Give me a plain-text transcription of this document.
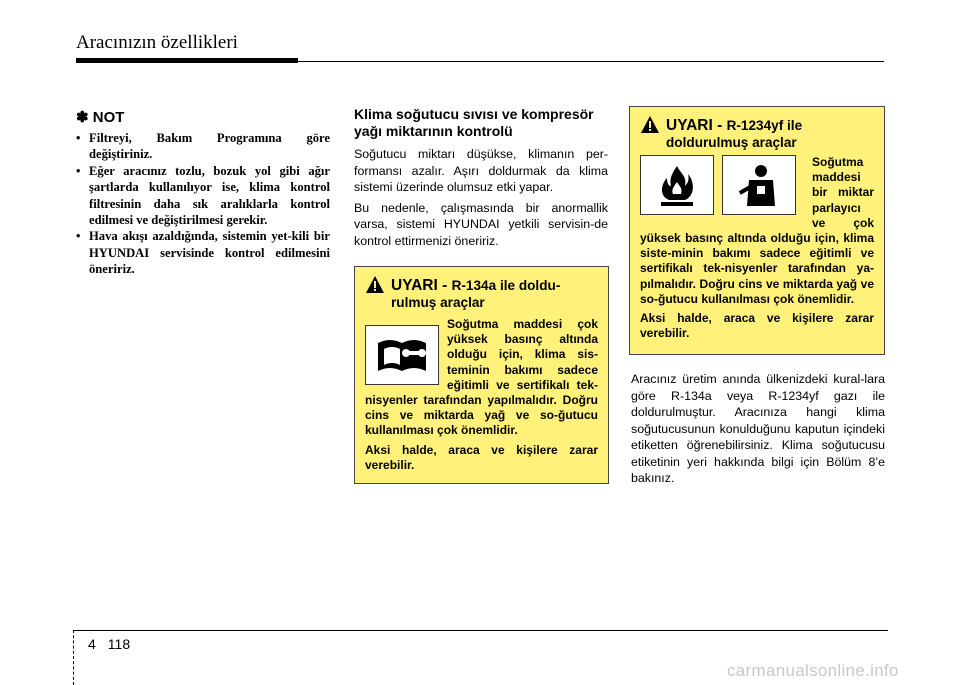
Aracınızın özellikleri
✽ NOT
• Filtreyi, Bakım Programına göre değiştiriniz.
• Eğer aracınız tozlu, bozuk yol gibi ağır şartlarda kullanılıyor ise, klima kontrol filtresinin daha sık aralıklarla kontrol edilmesi ve değiştirilmesi gerekir.
• Hava akışı azaldığında, sistemin yet-kili bir HYUNDAI servisinde kontrol edilmesini öneririz.
Klima soğutucu sıvısı ve kompresör yağı miktarının kontrolü

Soğutucu miktarı düşükse, klimanın per-formansı azalır. Aşırı doldurmak da klima sistemi üzerinde olumsuz etki yapar.

Bu nedenle, çalışmasında bir anormallik varsa, sistemi HYUNDAI yetkili servisin-de kontrol ettirmenizi öneririz.

UYARI - R-134a ile doldu-rulmuş araçlar

Soğutma maddesi çok yüksek basınç altında olduğu için, klima sis-teminin bakımı sadece eğitimli ve sertifikalı tek-nisyenler tarafından yapılmalıdır. Doğru cins ve miktarda yağ ve so-ğutucu kullanılması çok önemlidir.

Aksi halde, araca ve kişilere zarar verebilir.

UYARI - R-1234yf ile doldurulmuş araçlar

Soğutma maddesi bir miktar parlayıcı ve çok yüksek basınç altında olduğu için, klima siste-minin bakımı sadece eğitimli ve sertifikalı tek-nisyenler tarafından ya-pılmalıdır. Doğru cins ve miktarda yağ ve so-ğutucu kullanılması çok önemlidir.

Aksi halde, araca ve kişilere zarar verebilir.

Aracınız üretim anında ülkenizdeki kural-lara göre R-134a veya R-1234yf gazı ile doldurulmuştur. Aracınıza hangi klima soğutucusunun konulduğunu kaputun içindeki etiketten öğrenebilirsiniz. Klima soğutucusu etiketinin yeri hakkında bilgi için Bölüm 8’e bakınız.

4 118
carmanualsonline.info
